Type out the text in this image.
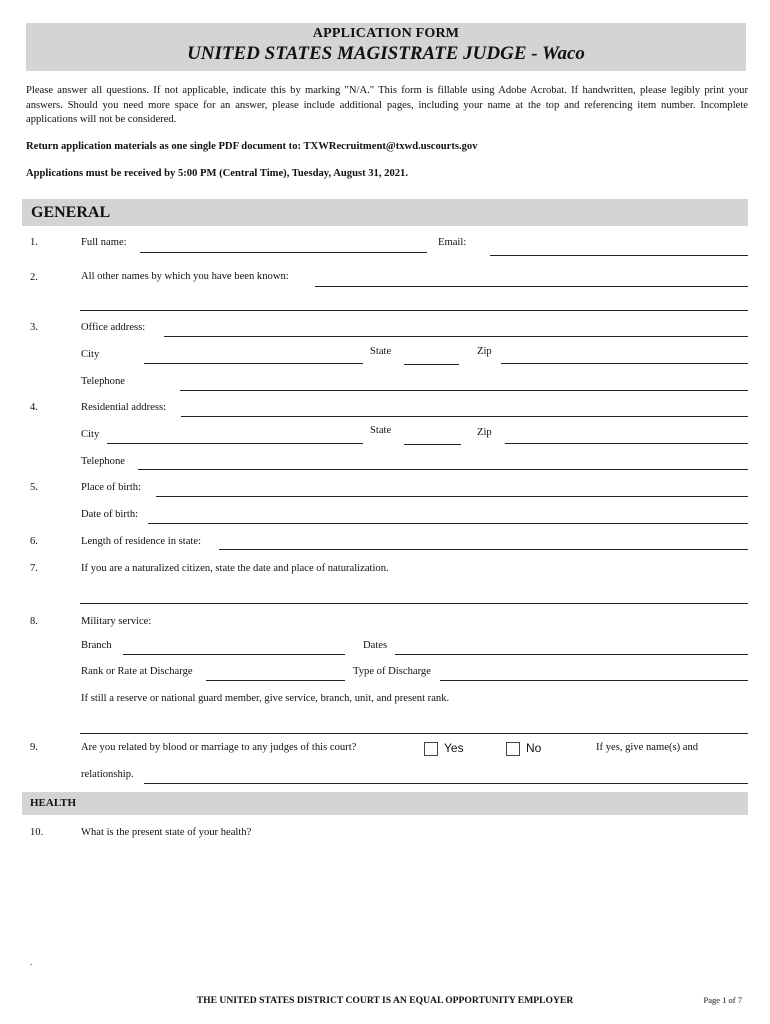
APPLICATION FORM
UNITED STATES MAGISTRATE JUDGE - Waco
Please answer all questions. If not applicable, indicate this by marking "N/A." This form is fillable using Adobe Acrobat. If handwritten, please legibly print your answers. Should you need more space for an answer, please include additional pages, including your name at the top and referencing item number. Incomplete applications will not be considered.
Return application materials as one single PDF document to: TXWRecruitment@txwd.uscourts.gov
Applications must be received by 5:00 PM (Central Time), Tuesday, August 31, 2021.
GENERAL
1.	Full name:	Email:
2.	All other names by which you have been known:
3.	Office address:
City	State	Zip
Telephone
4.	Residential address:
City	State	Zip
Telephone
5.	Place of birth:
Date of birth:
6.	Length of residence in state:
7.	If you are a naturalized citizen, state the date and place of naturalization.
8.	Military service:
Branch	Dates
Rank or Rate at Discharge	Type of Discharge
If still a reserve or national guard member, give service, branch, unit, and present rank.
9.	Are you related by blood or marriage to any judges of this court?	Yes	No	If yes, give name(s) and
relationship.
HEALTH
10.	What is the present state of your health?
.
THE UNITED STATES DISTRICT COURT IS AN EQUAL OPPORTUNITY EMPLOYER	Page 1 of 7
